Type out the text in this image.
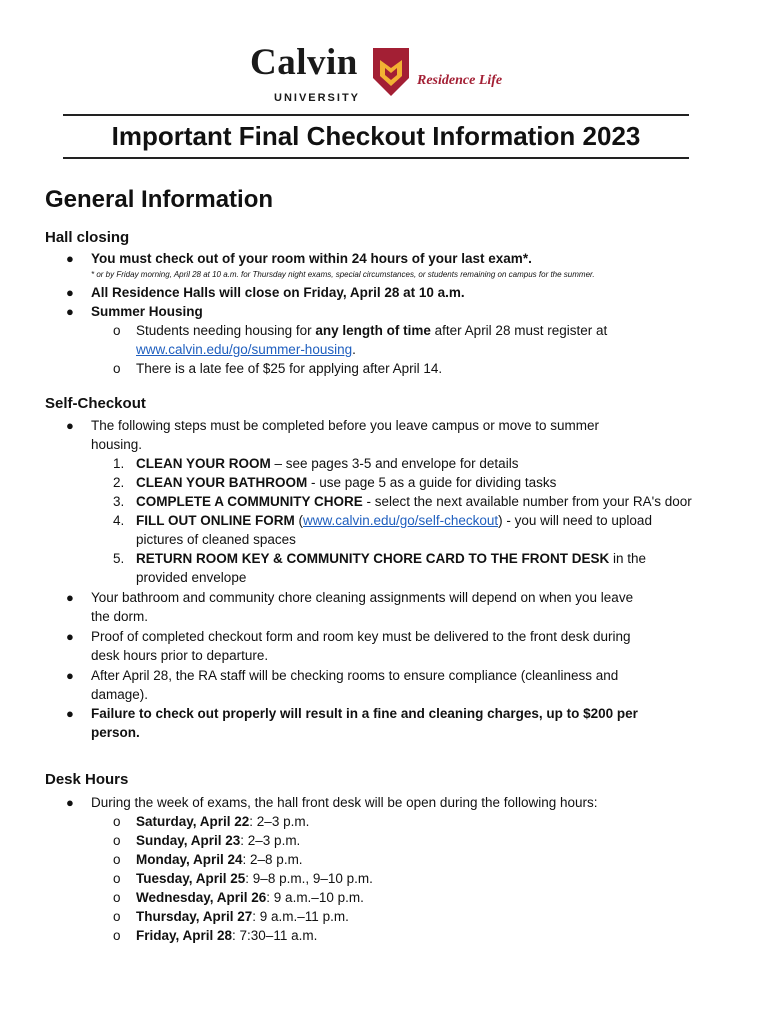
Calvin	Residence Life
UNIVERSITY
Important Final Checkout Information 2023
General Information
Hall closing
●	You must check out of your room within 24 hours of your last exam*.
* or by Friday morning, April 28 at 10 a.m. for Thursday night exams, special circumstances, or students remaining on campus for the summer.
●	All Residence Halls will close on Friday, April 28 at 10 a.m.
●	Summer Housing
o Students needing housing for any length of time after April 28 must register at
www.calvin.edu/go/summer-housing.
o There is a late fee of $25 for applying after April 14.
Self-Checkout
●	The following steps must be completed before you leave campus or move to summer
housing.
1. CLEAN YOUR ROOM – see pages 3-5 and envelope for details
2. CLEAN YOUR BATHROOM - use page 5 as a guide for dividing tasks
3. COMPLETE A COMMUNITY CHORE - select the next available number from your RA's door
4. FILL OUT ONLINE FORM (www.calvin.edu/go/self-checkout) - you will need to upload
pictures of cleaned spaces
5. RETURN ROOM KEY & COMMUNITY CHORE CARD TO THE FRONT DESK in the
provided envelope
●	Your bathroom and community chore cleaning assignments will depend on when you leave
the dorm.
●	Proof of completed checkout form and room key must be delivered to the front desk during
desk hours prior to departure.
●	After April 28, the RA staff will be checking rooms to ensure compliance (cleanliness and
damage).
●	Failure to check out properly will result in a fine and cleaning charges, up to $200 per
person.
Desk Hours
●	During the week of exams, the hall front desk will be open during the following hours:
o Saturday, April 22: 2–3 p.m.
o Sunday, April 23: 2–3 p.m.
o Monday, April 24: 2–8 p.m.
o Tuesday, April 25: 9–8 p.m., 9–10 p.m.
o Wednesday, April 26: 9 a.m.–10 p.m.
o Thursday, April 27: 9 a.m.–11 p.m.
o Friday, April 28: 7:30–11 a.m.
